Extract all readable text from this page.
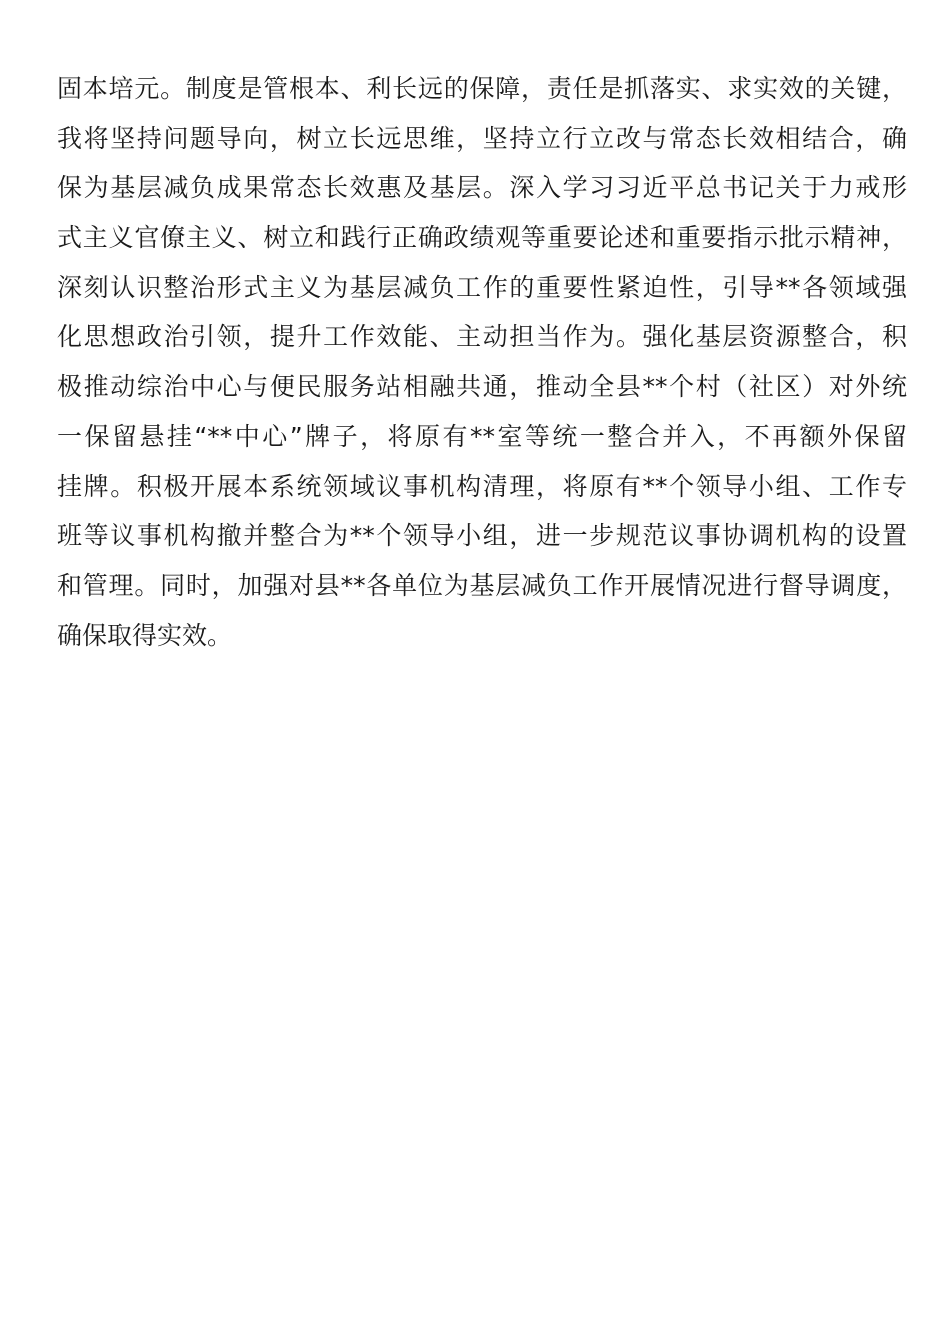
固本培元。制度是管根本、利长远的保障，责任是抓落实、求实效的关键，
我将坚持问题导向，树立长远思维，坚持立行立改与常态长效相结合，确
保为基层减负成果常态长效惠及基层。深入学习习近平总书记关于力戒形
式主义官僚主义、树立和践行正确政绩观等重要论述和重要指示批示精神，
深刻认识整治形式主义为基层减负工作的重要性紧迫性，引导**各领域强
化思想政治引领，提升工作效能、主动担当作为。强化基层资源整合，积
极推动综治中心与便民服务站相融共通，推动全县**个村（社区）对外统
一保留悬挂“**中心”牌子，将原有**室等统一整合并入，不再额外保留
挂牌。积极开展本系统领域议事机构清理，将原有**个领导小组、工作专
班等议事机构撤并整合为**个领导小组，进一步规范议事协调机构的设置
和管理。同时，加强对县**各单位为基层减负工作开展情况进行督导调度，
确保取得实效。
